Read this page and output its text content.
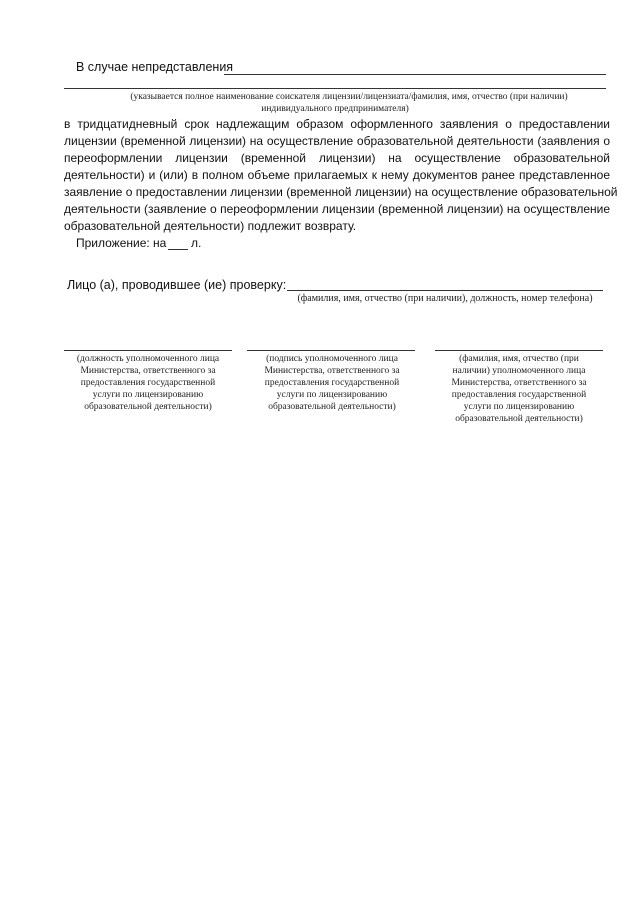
В случае непредставления
(указывается полное наименование соискателя лицензии/лицензиата/фамилия, имя, отчество (при наличии)
индивидуального предпринимателя)
в тридцатидневный срок надлежащим образом оформленного заявления о предоставлении
лицензии (временной лицензии) на осуществление образовательной деятельности (заявления о
переоформлении лицензии (временной лицензии) на осуществление образовательной
деятельности) и (или) в полном объеме прилагаемых к нему документов ранее представленное
заявление о предоставлении лицензии (временной лицензии) на осуществление образовательной
деятельности (заявление о переоформлении лицензии (временной лицензии) на осуществление
образовательной деятельности) подлежит возврату.
Приложение: на л.
Лицо (а), проводившее (ие) проверку:
(фамилия, имя, отчество (при наличии), должность, номер телефона)
(должность уполномоченного лица
Министерства, ответственного за
предоставления государственной
услуги по лицензированию
образовательной деятельности)
(подпись уполномоченного лица
Министерства, ответственного за
предоставления государственной
услуги по лицензированию
образовательной деятельности)
(фамилия, имя, отчество (при
наличии) уполномоченного лица
Министерства, ответственного за
предоставления государственной
услуги по лицензированию
образовательной деятельности)
